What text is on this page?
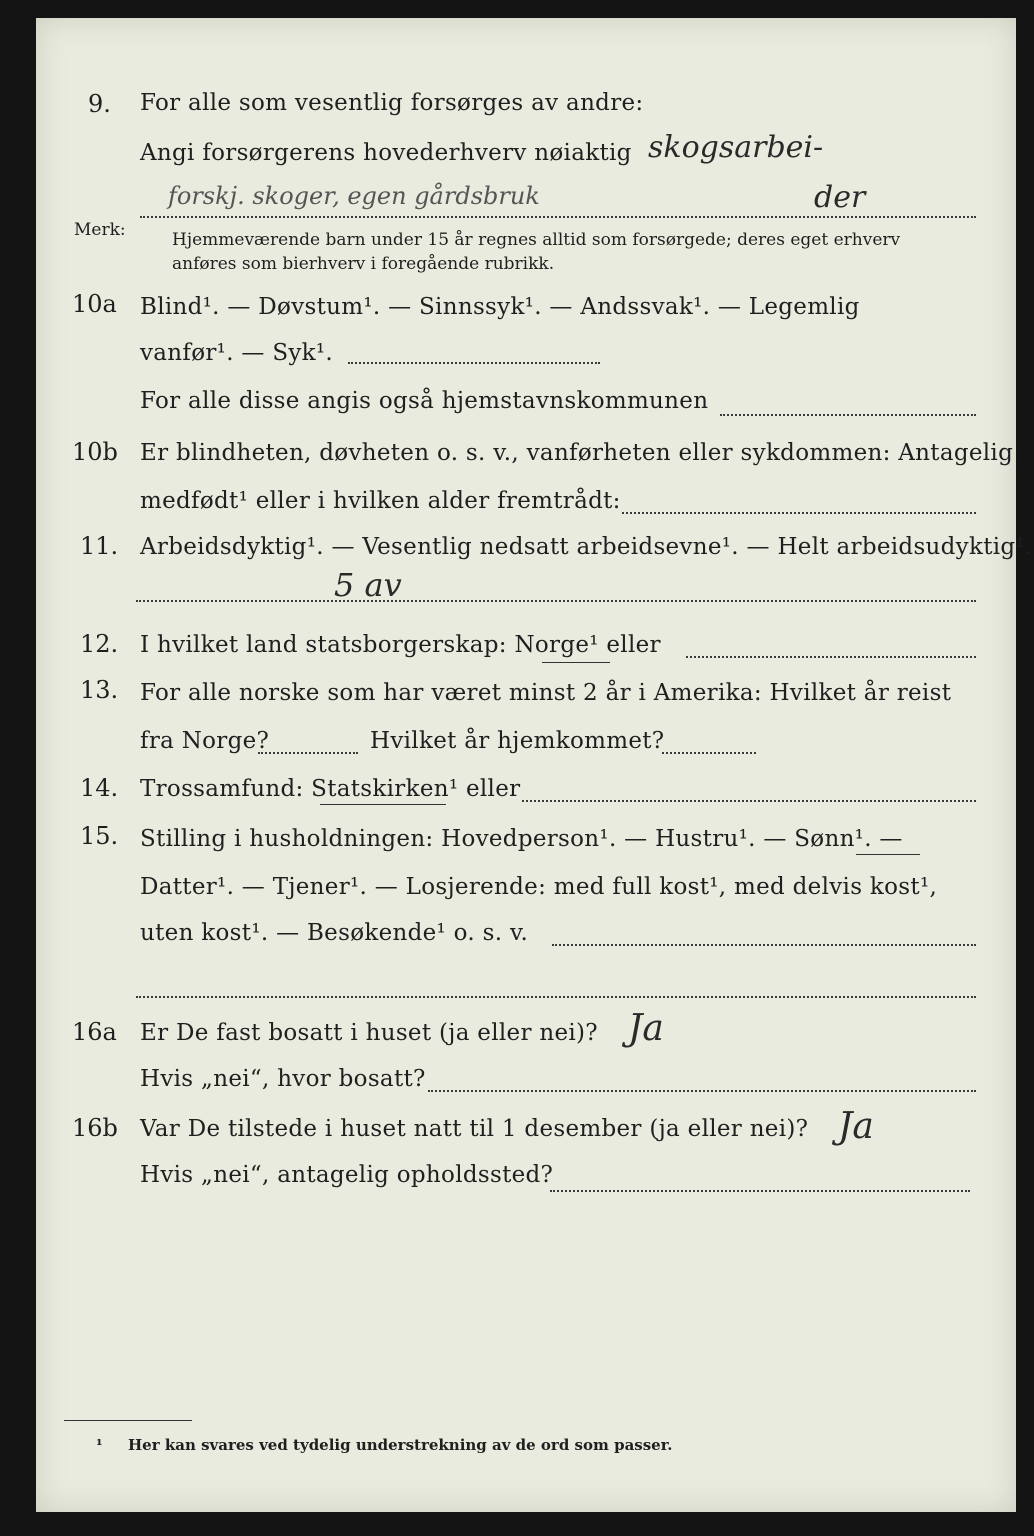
9. For alle som vesentlig forsørges av andre:
Angi forsørgerens hovederhverv nøiaktig skogsarbei-
forskj. skoger, egen gårdsbruk	der
Merk:	Hjemmeværende barn under 15 år regnes alltid som forsørgede; deres eget erhverv
anføres som bierhverv i foregående rubrikk.
10a Blind¹. — Døvstum¹. — Sinnssyk¹. — Andssvak¹. — Legemlig
vanfør¹. — Syk¹.
For alle disse angis også hjemstavnskommunen
10b Er blindheten, døvheten o. s. v., vanførheten eller sykdommen: Antagelig
medfødt¹ eller i hvilken alder fremtrådt:
11. Arbeidsdyktig¹. — Vesentlig nedsatt arbeidsevne¹. — Helt arbeidsudyktig¹.
5 av
12. I hvilket land statsborgerskap: Norge¹ eller
13. For alle norske som har været minst 2 år i Amerika: Hvilket år reist
fra Norge?	Hvilket år hjemkommet?
14. Trossamfund: Statskirken¹ eller
15. Stilling i husholdningen: Hovedperson¹. — Hustru¹. — Sønn¹. —
Datter¹. — Tjener¹. — Losjerende: med full kost¹, med delvis kost¹,
uten kost¹. — Besøkende¹ o. s. v.
16a Er De fast bosatt i huset (ja eller nei)? Ja
Hvis „nei“, hvor bosatt?
16b Var De tilstede i huset natt til 1 desember (ja eller nei)? Ja
Hvis „nei“, antagelig opholdssted?
¹ Her kan svares ved tydelig understrekning av de ord som passer.
